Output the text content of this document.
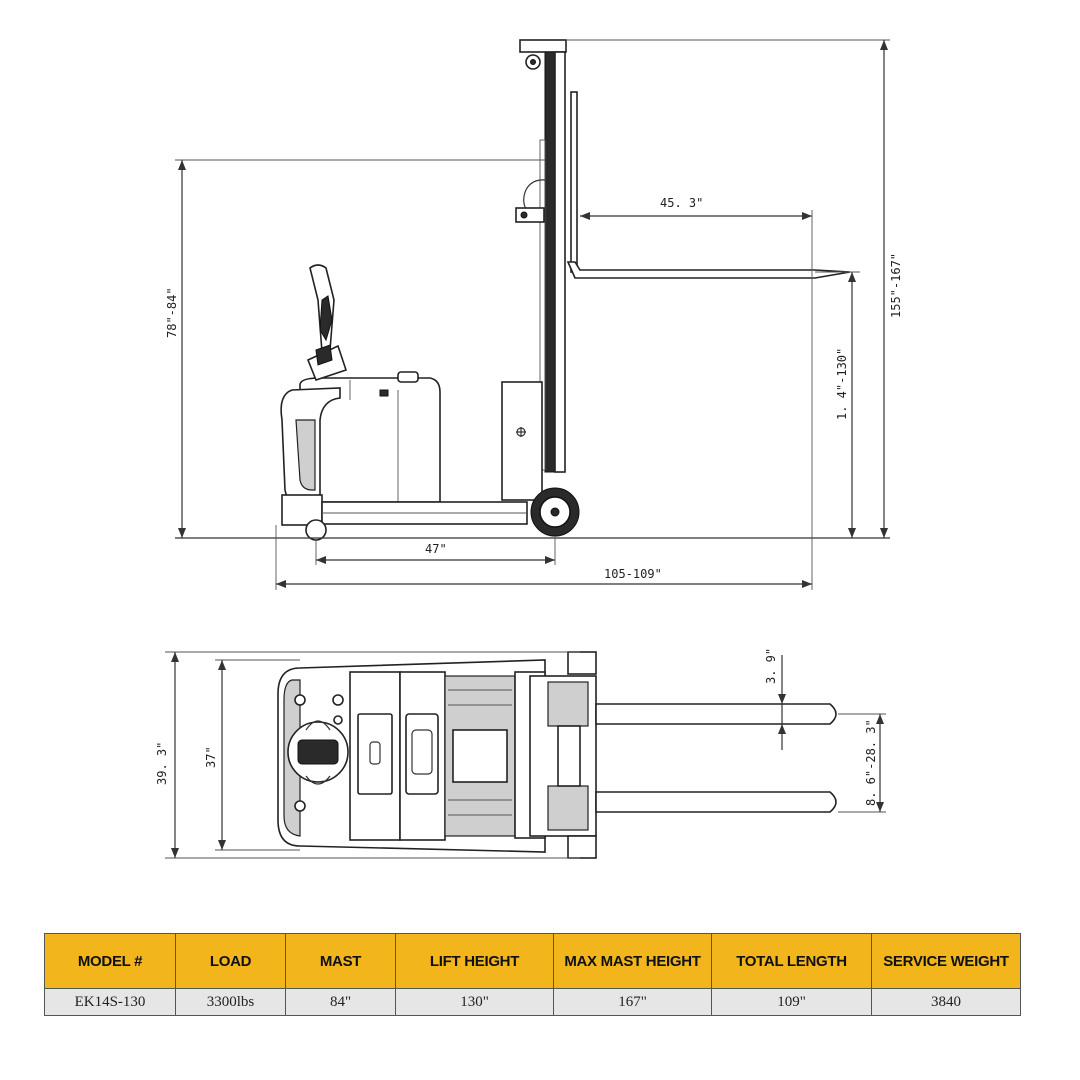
78"-84"	155"-167"
1. 4"-130"
45. 3"
47"
105-109"
39. 3"	37"
3. 9"
8. 6"-28. 3"
MODEL #	LOAD	MAST	LIFT HEIGHT	MAX MAST HEIGHT	TOTAL LENGTH	SERVICE WEIGHT
EK14S-130	3300lbs	84"	130"	167"	109"	3840
